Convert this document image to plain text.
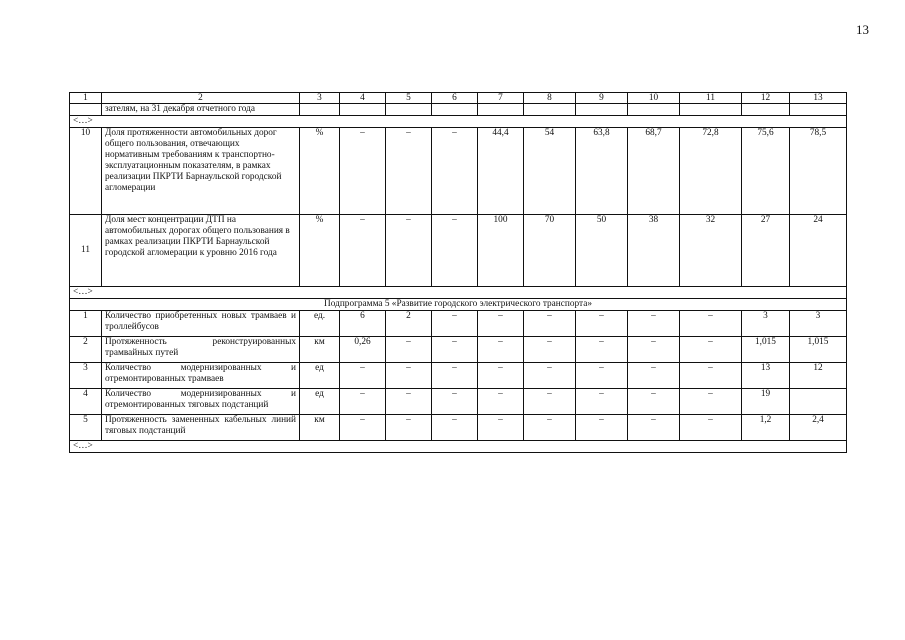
13
1	2	3	4	5	6	7	8	9	10	11	12	13
	зателям, на 31 декабря отчетного года											
<…>												
10	Доля протяженности автомобильных дорог общего пользования, отвечающих нормативным требованиям к транспортно-эксплуатационным показателям, в рамках реализации ПКРТИ Барнаульской городской агломерации	%	–	–	–	44,4	54	63,8	68,7	72,8	75,6	78,5
11	Доля мест концентрации ДТП на автомобильных дорогах общего пользования в рамках реализации ПКРТИ Барнаульской городской агломерации к уровню 2016 года	%	–	–	–	100	70	50	38	32	27	24
<…>												
Подпрограмма 5 «Развитие городского электрического транспорта»												
1	Количество приобретенных новых трамваев и троллейбусов	ед.	6	2	–	–	–	–	–	–	3	3
2	Протяженность реконструированных трамвайных путей	км	0,26	–	–	–	–	–	–	–	1,015	1,015
3	Количество модернизированных и отремонтированных трамваев	ед	–	–	–	–	–	–	–	–	13	12
4	Количество модернизированных и отремонтированных тяговых подстанций	ед	–	–	–	–	–	–	–	–	19	
5	Протяженность замененных кабельных линий тяговых подстанций	км	–	–	–	–	–	–	–	–	1,2	2,4
<…>												
